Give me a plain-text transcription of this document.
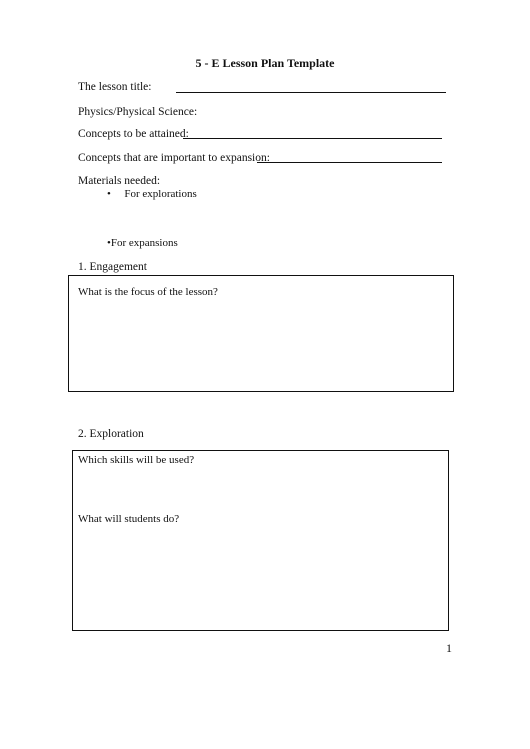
5 - E Lesson Plan Template
The lesson title:
Physics/Physical Science:
Concepts to be attained:
Concepts that are important to expansion:
Materials needed:
• For explorations
•For expansions
1. Engagement
What is the focus of the lesson?
2. Exploration
Which skills will be used?
What will students do?
1
